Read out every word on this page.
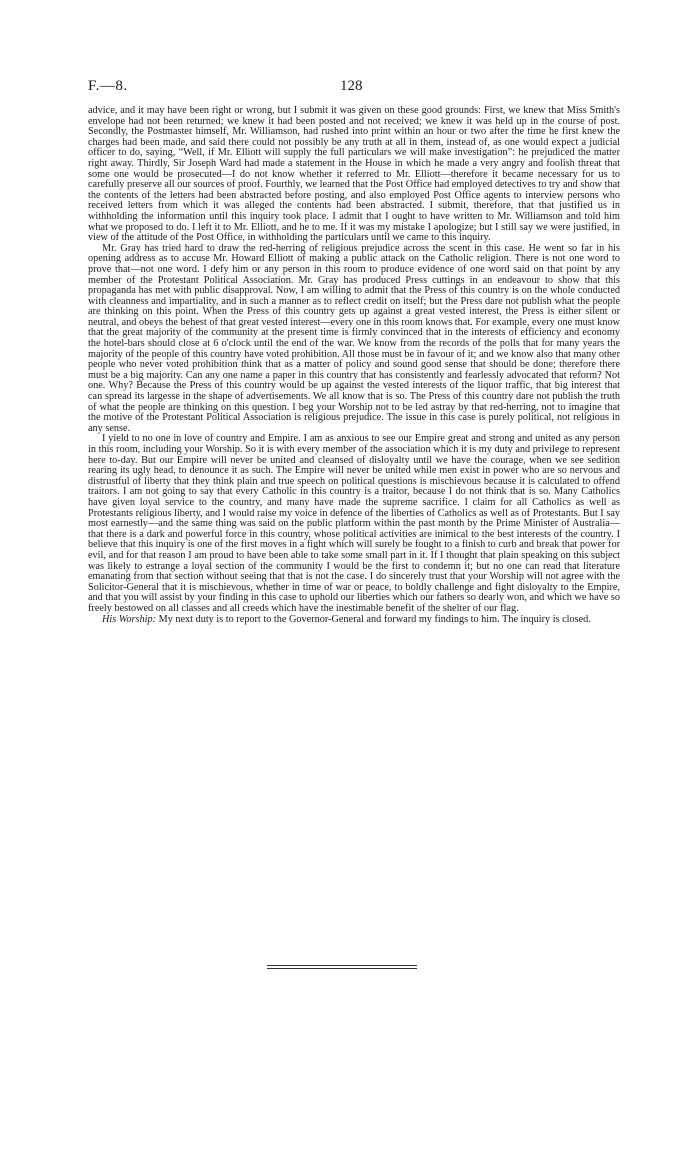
F.—8.	128

advice, and it may have been right or wrong, but I submit it was given on these good grounds: First, we knew that Miss Smith's envelope had not been returned; we knew it had been posted and not received; we knew it was held up in the course of post. Secondly, the Postmaster himself, Mr. Williamson, had rushed into print within an hour or two after the time he first knew the charges had been made, and said there could not possibly be any truth at all in them, instead of, as one would expect a judicial officer to do, saying, “Well, if Mr. Elliott will supply the full particulars we will make investigation”: he prejudiced the matter right away. Thirdly, Sir Joseph Ward had made a statement in the House in which he made a very angry and foolish threat that some one would be prosecuted—I do not know whether it referred to Mr. Elliott—therefore it became necessary for us to carefully preserve all our sources of proof. Fourthly, we learned that the Post Office had employed detectives to try and show that the contents of the letters had been abstracted before posting, and also employed Post Office agents to interview persons who received letters from which it was alleged the contents had been abstracted. I submit, therefore, that that justified us in withholding the information until this inquiry took place. I admit that I ought to have written to Mr. Williamson and told him what we proposed to do. I left it to Mr. Elliott, and he to me. If it was my mistake I apologize; but I still say we were justified, in view of the attitude of the Post Office, in withholding the particulars until we came to this inquiry.

Mr. Gray has tried hard to draw the red-herring of religious prejudice across the scent in this case. He went so far in his opening address as to accuse Mr. Howard Elliott of making a public attack on the Catholic religion. There is not one word to prove that—not one word. I defy him or any person in this room to produce evidence of one word said on that point by any member of the Protestant Political Association. Mr. Gray has produced Press cuttings in an endeavour to show that this propaganda has met with public disapproval. Now, I am willing to admit that the Press of this country is on the whole conducted with cleanness and impartiality, and in such a manner as to reflect credit on itself; but the Press dare not publish what the people are thinking on this point. When the Press of this country gets up against a great vested interest, the Press is either silent or neutral, and obeys the behest of that great vested interest—every one in this room knows that. For example, every one must know that the great majority of the community at the present time is firmly convinced that in the interests of efficiency and economy the hotel-bars should close at 6 o'clock until the end of the war. We know from the records of the polls that for many years the majority of the people of this country have voted prohibition. All those must be in favour of it; and we know also that many other people who never voted prohibition think that as a matter of policy and sound good sense that should be done; therefore there must be a big majority. Can any one name a paper in this country that has consistently and fearlessly advocated that reform? Not one. Why? Because the Press of this country would be up against the vested interests of the liquor traffic, that big interest that can spread its largesse in the shape of advertisements. We all know that is so. The Press of this country dare not publish the truth of what the people are thinking on this question. I beg your Worship not to be led astray by that red-herring, not to imagine that the motive of the Protestant Political Association is religious prejudice. The issue in this case is purely political, not religious in any sense.

I yield to no one in love of country and Empire. I am as anxious to see our Empire great and strong and united as any person in this room, including your Worship. So it is with every member of the association which it is my duty and privilege to represent here to-day. But our Empire will never be united and cleansed of disloyalty until we have the courage, when we see sedition rearing its ugly head, to denounce it as such. The Empire will never be united while men exist in power who are so nervous and distrustful of liberty that they think plain and true speech on political questions is mischievous because it is calculated to offend traitors. I am not going to say that every Catholic in this country is a traitor, because I do not think that is so. Many Catholics have given loyal service to the country, and many have made the supreme sacrifice. I claim for all Catholics as well as Protestants religious liberty, and I would raise my voice in defence of the liberties of Catholics as well as of Protestants. But I say most earnestly—and the same thing was said on the public platform within the past month by the Prime Minister of Australia—that there is a dark and powerful force in this country, whose political activities are inimical to the best interests of the country. I believe that this inquiry is one of the first moves in a fight which will surely be fought to a finish to curb and break that power for evil, and for that reason I am proud to have been able to take some small part in it. If I thought that plain speaking on this subject was likely to estrange a loyal section of the community I would be the first to condemn it; but no one can read that literature emanating from that section without seeing that that is not the case. I do sincerely trust that your Worship will not agree with the Solicitor-General that it is mischievous, whether in time of war or peace, to boldly challenge and fight disloyalty to the Empire, and that you will assist by your finding in this case to uphold our liberties which our fathers so dearly won, and which we have so freely bestowed on all classes and all creeds which have the inestimable benefit of the shelter of our flag.

His Worship: My next duty is to report to the Governor-General and forward my findings to him. The inquiry is closed.
